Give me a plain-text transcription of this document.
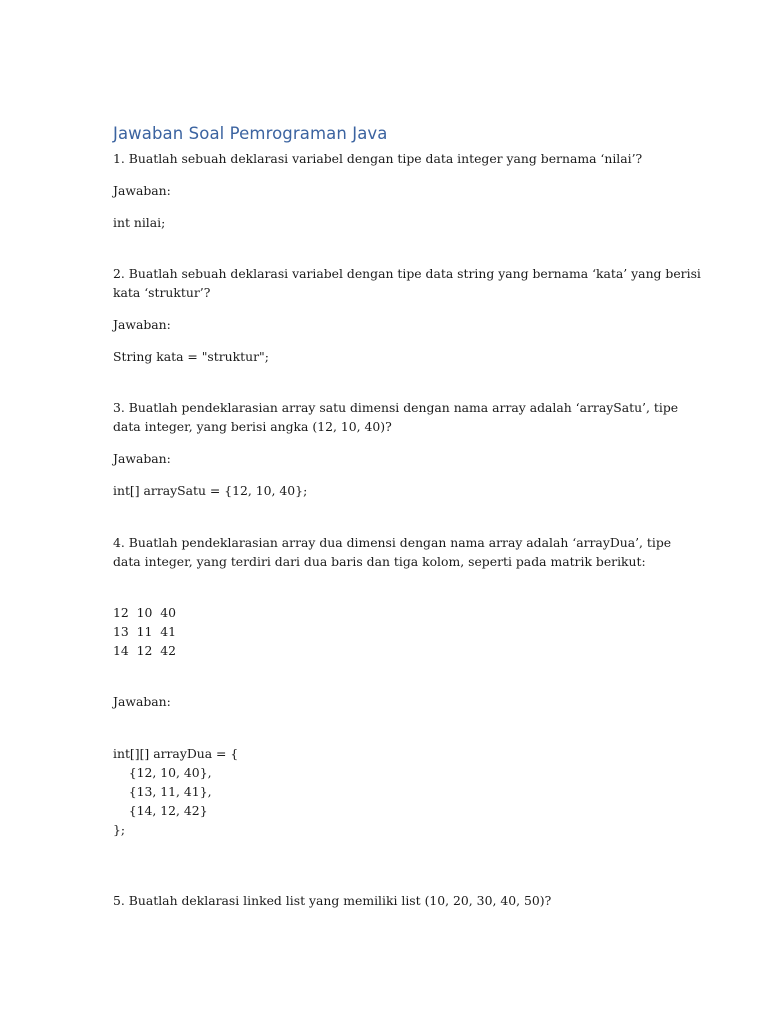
Jawaban Soal Pemrograman Java
1. Buatlah sebuah deklarasi variabel dengan tipe data integer yang bernama ‘nilai’?
Jawaban:
int nilai;
2. Buatlah sebuah deklarasi variabel dengan tipe data string yang bernama ‘kata’ yang berisi
kata ‘struktur’?
Jawaban:
String kata = "struktur";
3. Buatlah pendeklarasian array satu dimensi dengan nama array adalah ‘arraySatu’, tipe
data integer, yang berisi angka (12, 10, 40)?
Jawaban:
int[] arraySatu = {12, 10, 40};
4. Buatlah pendeklarasian array dua dimensi dengan nama array adalah ‘arrayDua’, tipe
data integer, yang terdiri dari dua baris dan tiga kolom, seperti pada matrik berikut:
12  10  40
13  11  41
14  12  42
Jawaban:
int[][] arrayDua = {
{12, 10, 40},
{13, 11, 41},
{14, 12, 42}
};
5. Buatlah deklarasi linked list yang memiliki list (10, 20, 30, 40, 50)?
